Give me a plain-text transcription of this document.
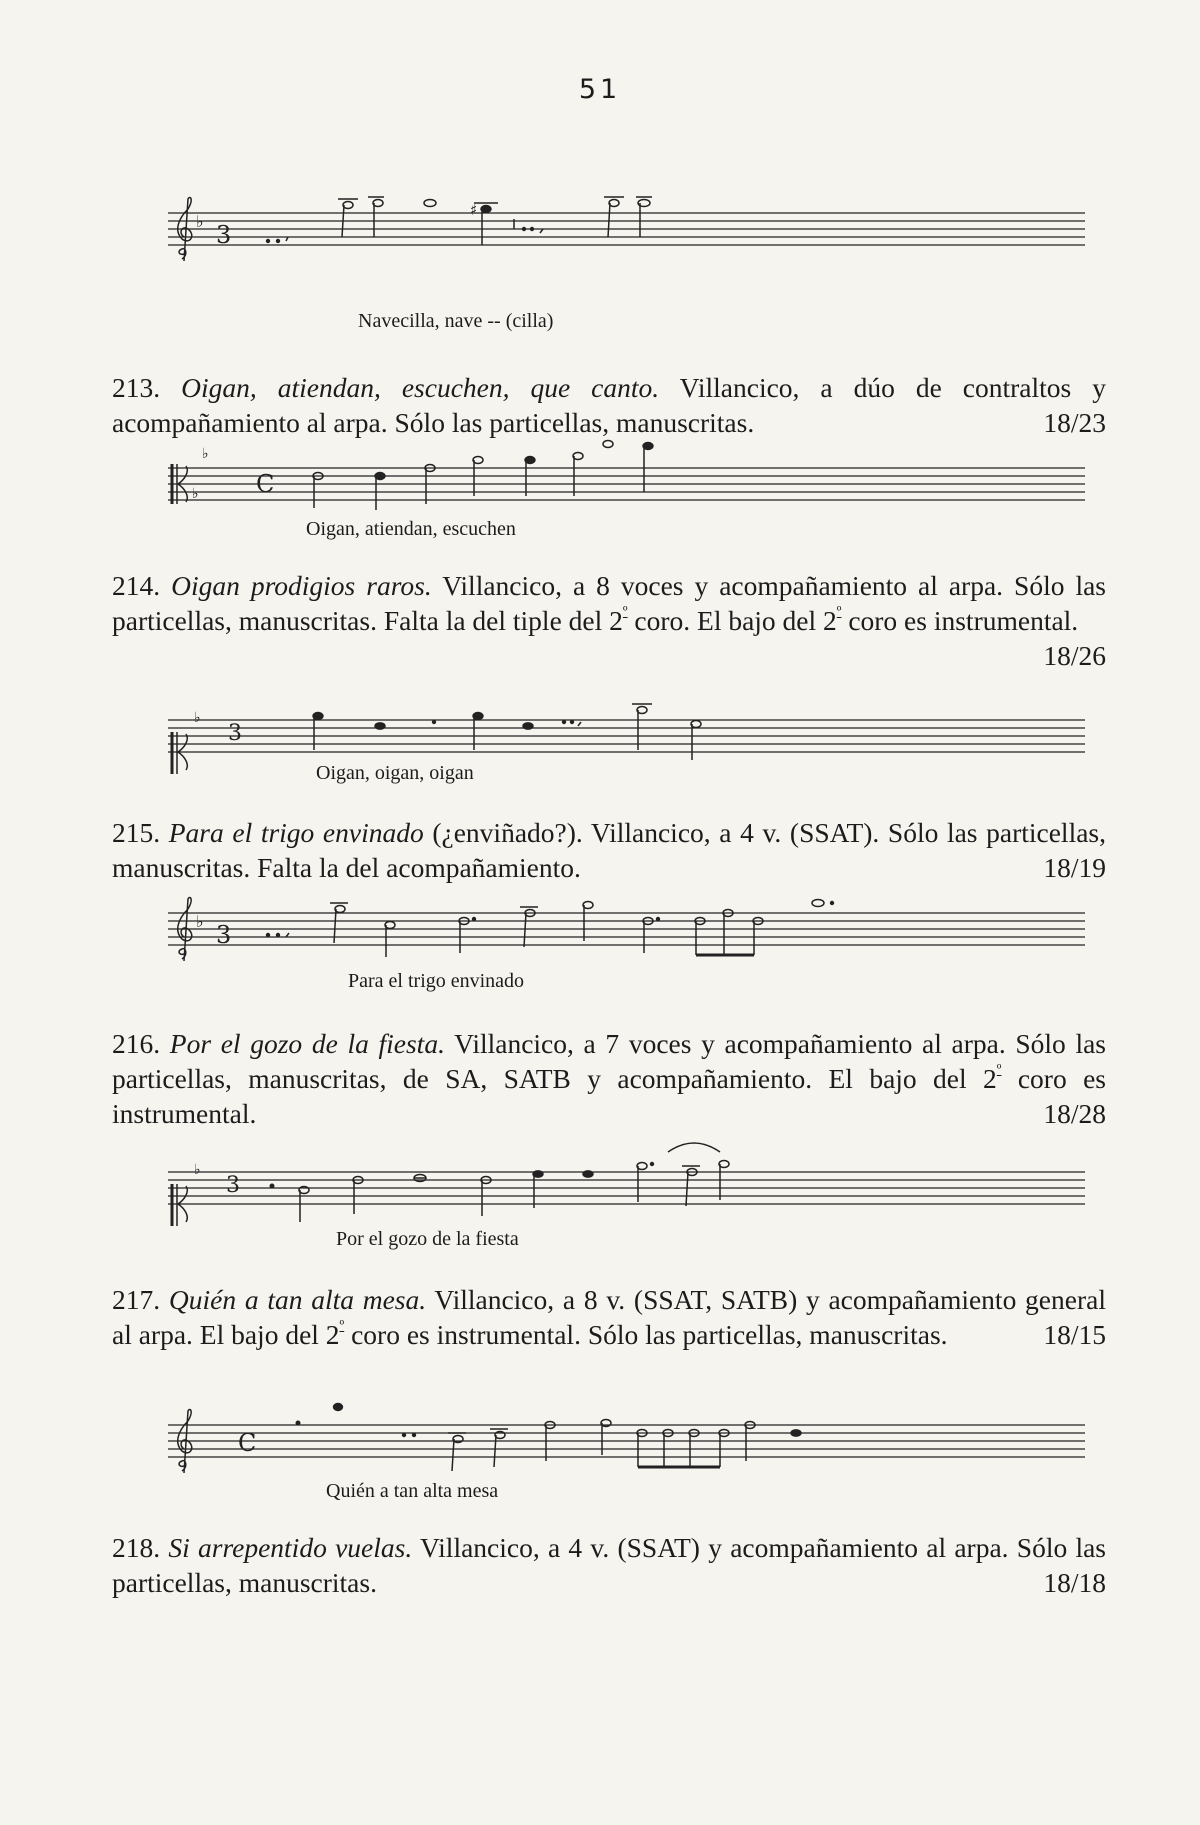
51
♭ 3
♯
Navecilla, nave -- (cilla)
213. Oigan, atiendan, escuchen, que canto. Villancico, a dúo de contraltos y acompañamiento al arpa. Sólo las particellas, manuscritas.	18/23
♭
♭ C
Oigan, atiendan, escuchen
214. Oigan prodigios raros. Villancico, a 8 voces y acompañamiento al arpa. Sólo las particellas, manuscritas. Falta la del tiple del $2^º$ coro. El bajo del $2^º$ coro es instrumental.
18/26
♭
3
Oigan, oigan, oigan
215. Para el trigo envinado (¿enviñado?). Villancico, a 4 v. (SSAT). Sólo las particellas, manuscritas. Falta la del acompañamiento.	18/19
♭ 3
Para el trigo envinado
216. Por el gozo de la fiesta. Villancico, a 7 voces y acompañamiento al arpa. Sólo las particellas, manuscritas, de SA, SATB y acompañamiento. El bajo del $2^º$ coro es instrumental.	18/28
♭
3
Por el gozo de la fiesta
217. Quién a tan alta mesa. Villancico, a 8 v. (SSAT, SATB) y acompañamiento general al arpa. El bajo del $2^º$ coro es instrumental. Sólo las particellas, manuscritas.	18/15
C
Quién a tan alta mesa
218. Si arrepentido vuelas. Villancico, a 4 v. (SSAT) y acompañamiento al arpa. Sólo las particellas, manuscritas.	18/18
